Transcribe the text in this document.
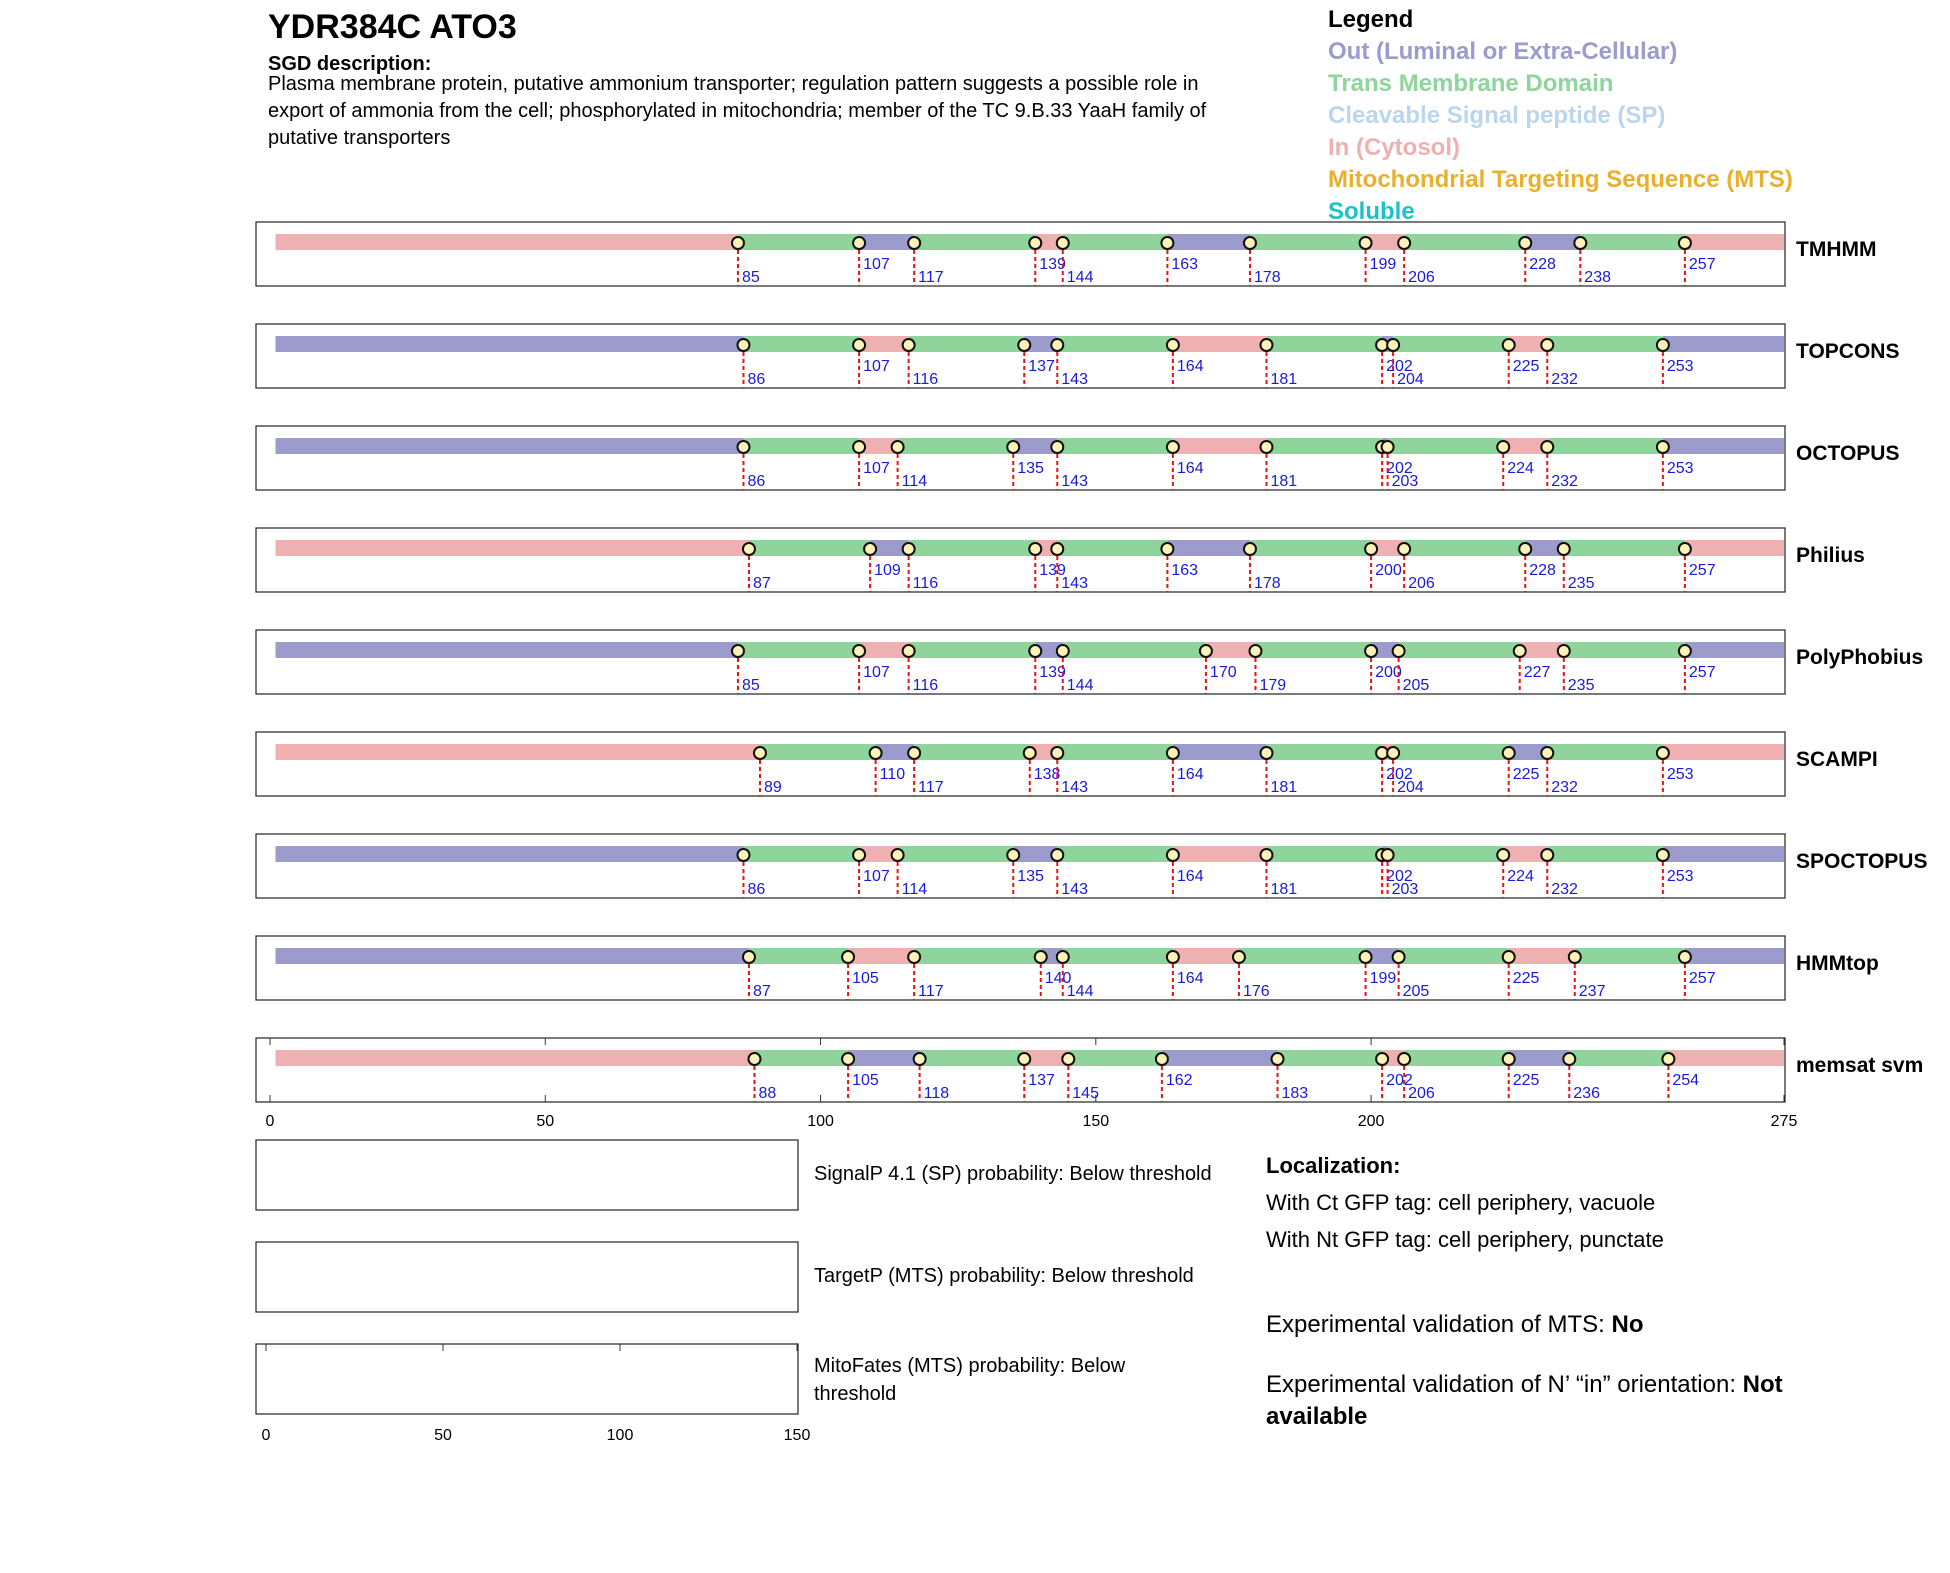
YDR384C ATO3
SGD description:
Plasma membrane protein, putative ammonium transporter; regulation pattern suggests a possible role in
export of ammonia from the cell; phosphorylated in mitochondria; member of the TC 9.B.33 YaaH family of
putative transporters
Legend
Out (Luminal or Extra-Cellular)
Trans Membrane Domain
Cleavable Signal peptide (SP)
In (Cytosol)
Mitochondrial Targeting Sequence (MTS)
Soluble
85
107
117
139
144
163
178
199
206
228
238
257
TMHMM
86
107
116
137
143
164
181
202
204
225
232
253
TOPCONS
86
107
114
135
143
164
181
202
203
224
232
253
OCTOPUS
87
109
116
139
143
163
178
200
206
228
235
257
Philius
85
107
116
139
144
170
179
200
205
227
235
257
PolyPhobius
89
110
117
138
143
164
181
202
204
225
232
253
SCAMPI
86
107
114
135
143
164
181
202
203
224
232
253
SPOCTOPUS
87
105
117
140
144
164
176
199
205
225
237
257
HMMtop
88
105
118
137
145
162
183
202
206
225
236
254
memsat svm
0	50	100	150	200	275
SignalP 4.1 (SP) probability: Below threshold
TargetP (MTS) probability: Below threshold
MitoFates (MTS) probability: Below
threshold
0	50	100	150
Localization:
With Ct GFP tag: cell periphery, vacuole
With Nt GFP tag: cell periphery, punctate
Experimental validation of MTS: No
Experimental validation of N’ “in” orientation: Not
available
